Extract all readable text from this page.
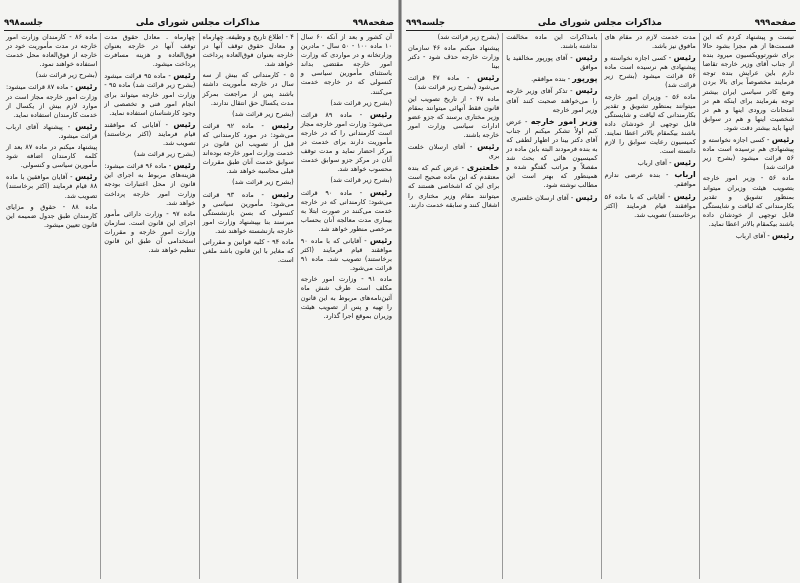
صفحه۹۹۸
مذاکرات مجلس شورای ملی
جلسه۹۹۸

آن کشور و بعد از آنکه ۶۰ سال ۱۰ ماده ۱۰۰ - ۵۰ سال - مادرین وزارتخانه و در مواردی که وزارت امور خارجه مقتضی بداند باستثنای مأمورین سیاسی و کنسولی که در خارجه خدمت می‌کنند.

(بشرح زیر قرائت شد)

رئیس - ماده ۸۹ قرائت می‌شود: وزارت امور خارجه مجاز است کارمندانی را که در خارجه مأموریت دارند برای خدمت در مرکز احضار نماید و مدت توقف آنان در مرکز جزو سوابق خدمت محسوب خواهد شد.

(بشرح زیر قرائت شد)

رئیس - ماده ۹۰ قرائت می‌شود: کارمندانی که در خارجه خدمت می‌کنند در صورت ابتلا به بیماری مدت معالجه آنان بحساب مرخصی منظور خواهد شد.

رئیس - آقایانی که با ماده ۹۰ موافقند قیام فرمایند (اکثر برخاستند) تصویب شد. ماده ۹۱ قرائت می‌شود.

ماده ۹۱ - وزارت امور خارجه مکلف است ظرف شش ماه آئین‌نامه‌های مربوط به این قانون را تهیه و پس از تصویب هیئت وزیران بموقع اجرا گذارد.

۴ - اطلاع تاریخ و وظیفه. چهارماه و معادل حقوق توقف آنها در خارجه بعنوان فوق‌العاده پرداخت خواهد شد.

۵ - کارمندانی که بیش از سه سال در خارجه مأموریت داشته باشند پس از مراجعت بمرکز مدت یکسال حق انتقال ندارند.

(بشرح زیر قرائت شد)

رئیس - ماده ۹۲ قرائت می‌شود: در مورد کارمندانی که قبل از تصویب این قانون در خدمت وزارت امور خارجه بوده‌اند سوابق خدمت آنان طبق مقررات قبلی محاسبه خواهد شد.

(بشرح زیر قرائت شد)

رئیس - ماده ۹۳ قرائت می‌شود: مأمورین سیاسی و کنسولی که بسن بازنشستگی میرسند بنا بپیشنهاد وزارت امور خارجه بازنشسته خواهند شد.

ماده ۹۴ - کلیه قوانین و مقرراتی که مغایر با این قانون باشد ملغی است.

چهارماه ۔ معادل حقوق مدت توقف آنها در خارجه بعنوان فوق‌العاده و هزینه مسافرت پرداخت میشود.

رئیس - ماده ۹۵ قرائت میشود (بشرح زیر قرائت شد) ماده ۹۵ - وزارت امور خارجه میتواند برای انجام امور فنی و تخصصی از وجود کارشناسان استفاده نماید.

رئیس - آقایانی که موافقند قیام فرمایند (اکثر برخاستند) تصویب شد.

(بشرح زیر قرائت شد)

رئیس - ماده ۹۶ قرائت میشود: هزینه‌های مربوط به اجرای این قانون از محل اعتبارات بودجه وزارت امور خارجه پرداخت خواهد شد.

ماده ۹۷ - وزارت دارائی مأمور اجرای این قانون است. سازمان وزارت امور خارجه و مقررات استخدامی آن طبق این قانون تنظیم خواهد شد.

ماده ۸۶ - کارمندان وزارت امور خارجه در مدت مأموریت خود در خارجه از فوق‌العاده محل خدمت استفاده خواهند نمود.

(بشرح زیر قرائت شد)

رئیس - ماده ۸۷ قرائت میشود: وزارت امور خارجه مجاز است در موارد لازم بیش از یکسال از خدمت کارمندان استفاده نماید.

رئیس - پیشنهاد آقای ارباب قرائت میشود.

پیشنهاد میکنم در ماده ۸۷ بعد از کلمه کارمندان اضافه شود مأمورین سیاسی و کنسولی.

رئیس - آقایان موافقین با ماده ۸۸ قیام فرمایند (اکثر برخاستند) تصویب شد.

ماده ۸۸ - حقوق و مزایای کارمندان طبق جدول ضمیمه این قانون تعیین میشود.

صفحه۹۹۹
مذاکرات مجلس شورای ملی
جلسه۹۹۹

نیست و پیشنهاد کردم که این قسمت‌ها از هم مجزا بشود حالا برای شورتوویکسیون میرود بنده از جناب آقای وزیر خارجه تقاضا دارم باین عرایش بنده توجه فرمایند مخصوصاً برای بالا بردن وضع کادر سیاسی ایران بیشتر توجه بفرمایند برای اینکه هم در امتحانات ورودی اینها و هم در شخصیت اینها و هم در سوابق اینها باید بیشتر دقت شود.

رئیس - کسی اجازه نخواسته و پیشنهادی هم نرسیده است ماده ۵۶ قرائت میشود (بشرح زیر قرائت شد)

ماده ۵۶ - وزیر امور خارجه بتصویب هیئت وزیران میتواند بمنظور تشویق و تقدیر بکارمندانی که لیاقت و شایستگی قابل توجهی از خودشان داده باشند بیکمقام بالاتر اعطا نماید.

رئیس - آقای ارباب

مدت خدمت لازم در مقام های مافوق نیز باشد.

رئیس - کسی اجازه نخواسته و پیشنهادی هم نرسیده است ماده ۵۶ قرائت میشود (بشرح زیر قرائت شد)

ماده ۵۶ - وزیران امور خارجه میتوانند بمنظور تشویق و تقدیر بکارمندانی که لیاقت و شایستگی قابل توجهی از خودشان داده باشند بیکمقام بالاتر اعطا نمایند. کمیسیون رعایت سوابق را لازم دانسته است.

رئیس - آقای ارباب

ارباب - بنده عرضی ندارم موافقم.

رئیس - آقایانی که با ماده ۵۶ موافقند قیام فرمایند (اکثر برخاستند) تصویب شد.

بامذاکرات این ماده مخالفت نداشته باشند.

رئیس - آقای پورپور مخالفید یا موافق

پورپور - بنده موافقم.

رئیس - تذکر آقای وزیر خارجه را می‌خواهند صحبت کنند آقای وزیر امور خارجه

وزیر امور خارجه - عرض کنم اولاً تشکر میکنم از جناب آقای دکتر بینا در اظهار لطفی که به بنده فرمودند البته باین ماده در کمیسیون هائی که بحث شد مفصلاً و مراتب گفتگو شده و همینطور که بهتر است این مطالب نوشته شود.

رئیس - آقای ارسلان خلعتبری

(بشرح زیر قرائت شد)

پیشنهاد میکنم ماده ۴۶ سازمان وزارت خارجه حذف شود - دکتر بینا

رئیس - ماده ۴۷ قرائت می‌شود (بشرح زیر قرائت شد)

ماده ۴۷ - از تاریخ تصویب این قانون فقط آنهائی میتوانند بمقام وزیر مختاری برسند که جزو عضو ادارات سیاسی وزارت امور خارجه باشند.

رئیس - آقای ارسلان خلعت بری

خلعتبری - عرض کنم که بنده معتقدم که این ماده صحیح است برای این که اشخاصی هستند که میتوانند مقام وزیر مختاری را اشغال کنند و سابقه خدمت دارند.
